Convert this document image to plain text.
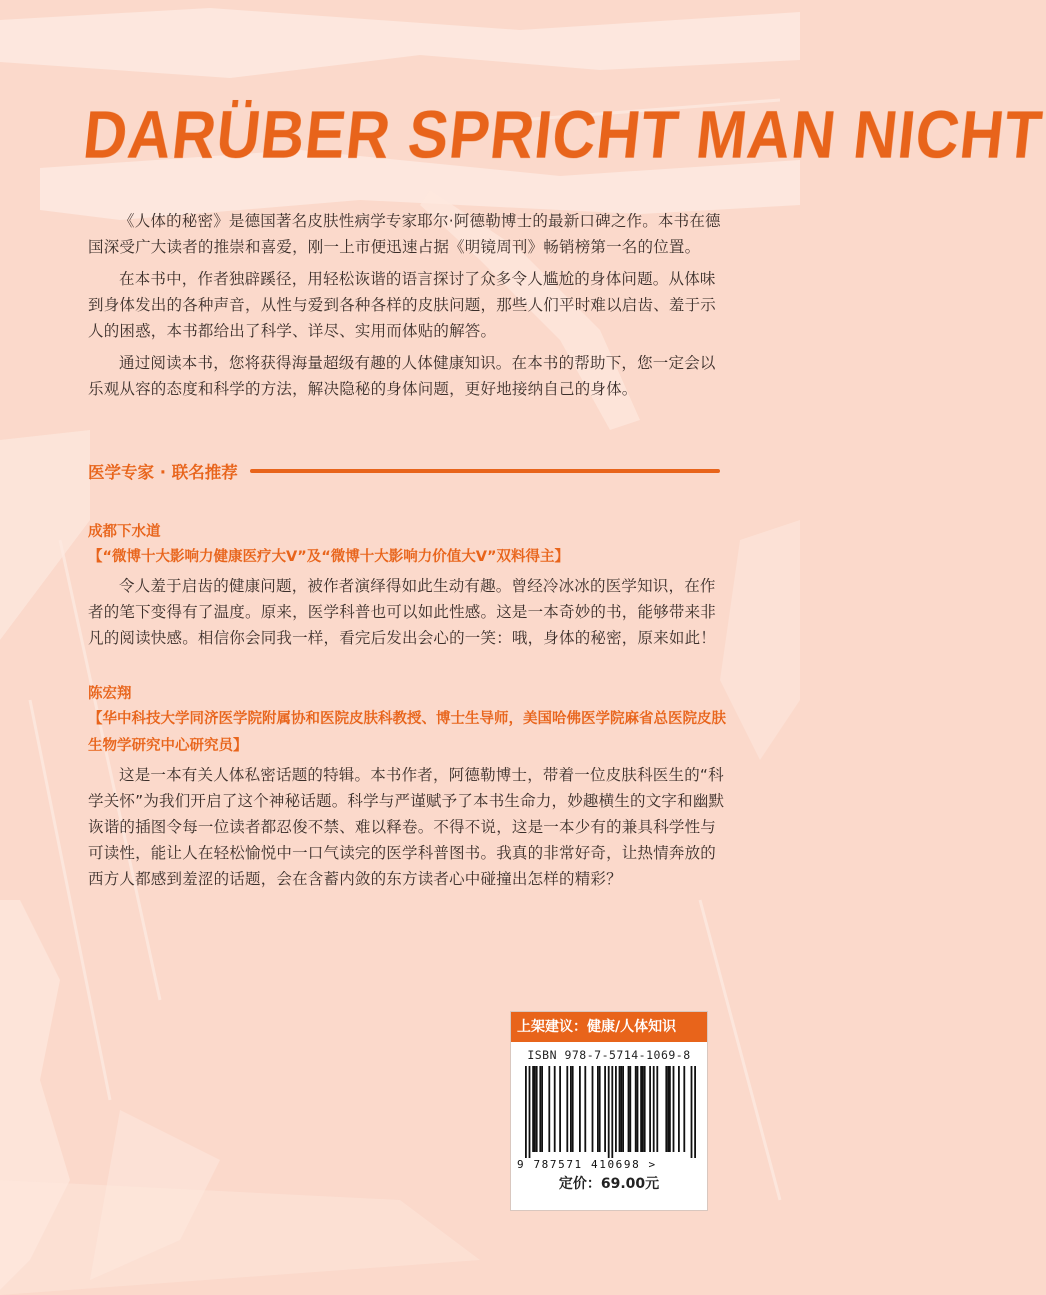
DARÜBER SPRICHT MAN NICHT

《人体的秘密》是德国著名皮肤性病学专家耶尔·阿德勒博士的最新口碑之作。本书在德国深受广大读者的推崇和喜爱，刚一上市便迅速占据《明镜周刊》畅销榜第一名的位置。

在本书中，作者独辟蹊径，用轻松诙谐的语言探讨了众多令人尴尬的身体问题。从体味到身体发出的各种声音，从性与爱到各种各样的皮肤问题，那些人们平时难以启齿、羞于示人的困惑，本书都给出了科学、详尽、实用而体贴的解答。

通过阅读本书，您将获得海量超级有趣的人体健康知识。在本书的帮助下，您一定会以乐观从容的态度和科学的方法，解决隐秘的身体问题，更好地接纳自己的身体。

医学专家 · 联名推荐
成都下水道
【“微博十大影响力健康医疗大V”及“微博十大影响力价值大V”双料得主】

令人羞于启齿的健康问题，被作者演绎得如此生动有趣。曾经冷冰冰的医学知识，在作者的笔下变得有了温度。原来，医学科普也可以如此性感。这是一本奇妙的书，能够带来非凡的阅读快感。相信你会同我一样，看完后发出会心的一笑：哦，身体的秘密，原来如此！

陈宏翔
【华中科技大学同济医学院附属协和医院皮肤科教授、博士生导师，美国哈佛医学院麻省总医院皮肤生物学研究中心研究员】

这是一本有关人体私密话题的特辑。本书作者，阿德勒博士，带着一位皮肤科医生的“科学关怀”为我们开启了这个神秘话题。科学与严谨赋予了本书生命力，妙趣横生的文字和幽默诙谐的插图令每一位读者都忍俊不禁、难以释卷。不得不说，这是一本少有的兼具科学性与可读性，能让人在轻松愉悦中一口气读完的医学科普图书。我真的非常好奇，让热情奔放的西方人都感到羞涩的话题，会在含蓄内敛的东方读者心中碰撞出怎样的精彩？

上架建议：健康/人体知识
ISBN 978-7-5714-1069-8
9 787571 410698 >
定价：69.00元
